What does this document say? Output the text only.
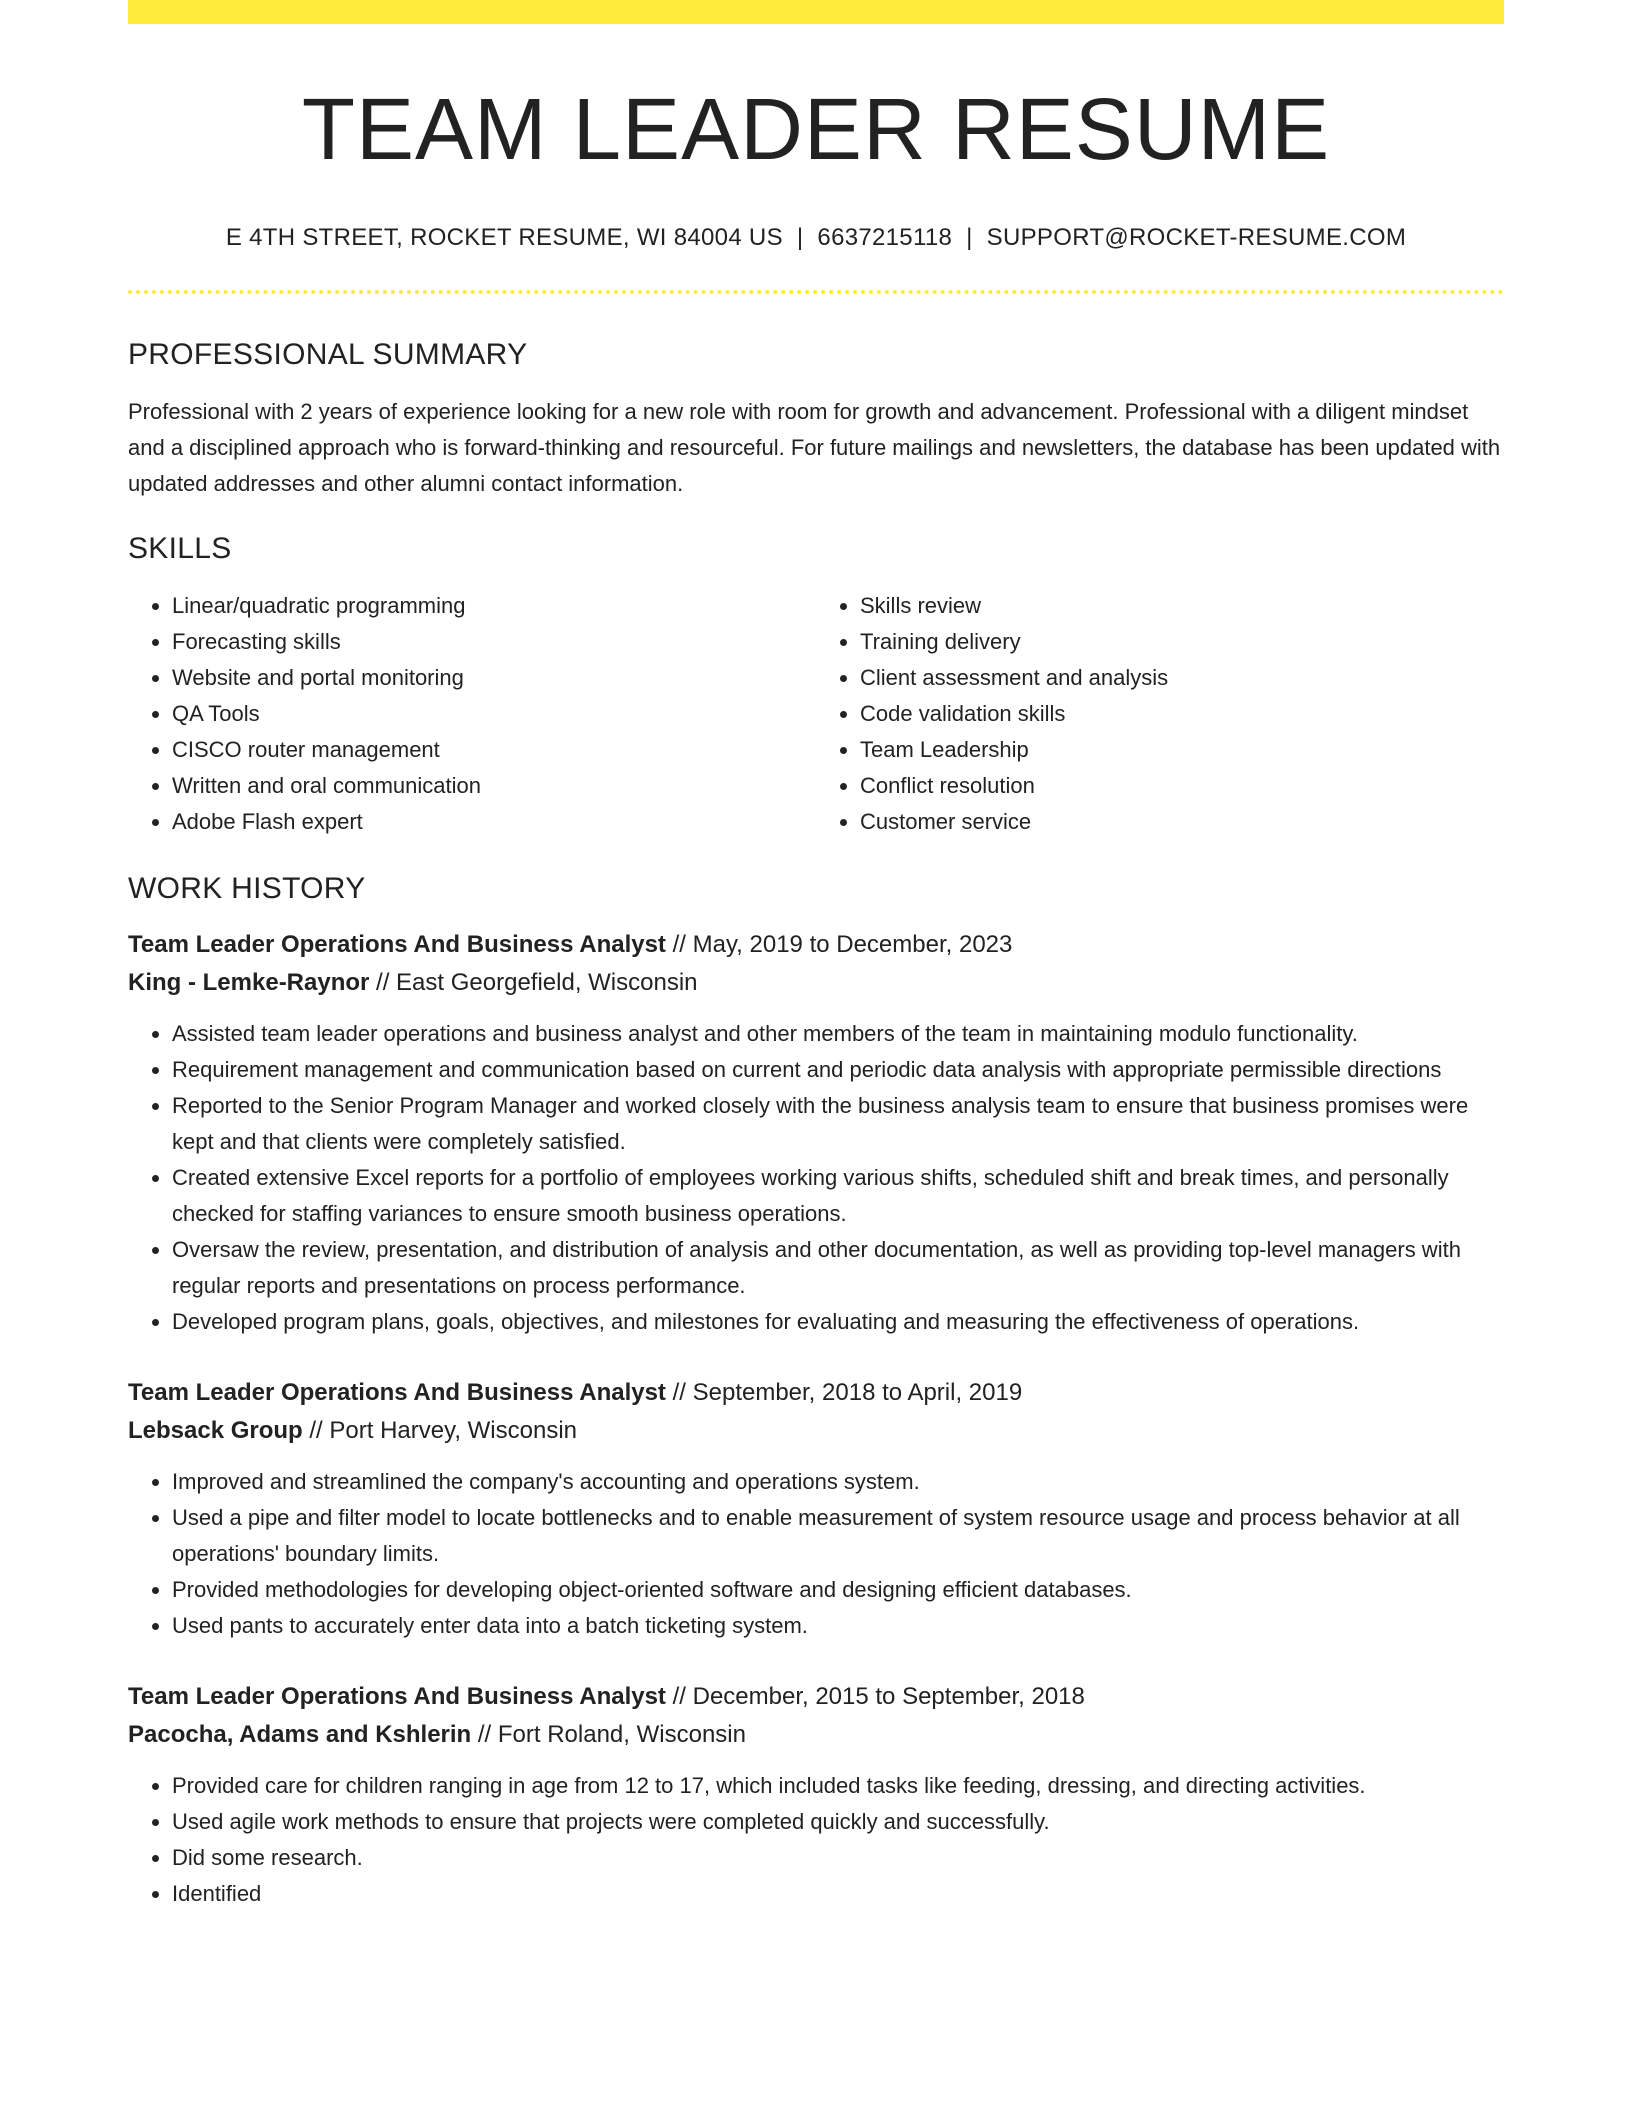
TEAM LEADER RESUME
E 4TH STREET, ROCKET RESUME, WI 84004 US | 6637215118 | SUPPORT@ROCKET-RESUME.COM
PROFESSIONAL SUMMARY

Professional with 2 years of experience looking for a new role with room for growth and advancement. Professional with a diligent mindset and a disciplined approach who is forward-thinking and resourceful. For future mailings and newsletters, the database has been updated with updated addresses and other alumni contact information.

SKILLS
• Linear/quadratic programming
• Forecasting skills
• Website and portal monitoring
• QA Tools
• CISCO router management
• Written and oral communication
• Adobe Flash expert
• Skills review
• Training delivery
• Client assessment and analysis
• Code validation skills
• Team Leadership
• Conflict resolution
• Customer service
WORK HISTORY
Team Leader Operations And Business Analyst // May, 2019 to December, 2023
King - Lemke-Raynor // East Georgefield, Wisconsin
• Assisted team leader operations and business analyst and other members of the team in maintaining modulo functionality.
• Requirement management and communication based on current and periodic data analysis with appropriate permissible directions
• Reported to the Senior Program Manager and worked closely with the business analysis team to ensure that business promises were kept and that clients were completely satisfied.
• Created extensive Excel reports for a portfolio of employees working various shifts, scheduled shift and break times, and personally checked for staffing variances to ensure smooth business operations.
• Oversaw the review, presentation, and distribution of analysis and other documentation, as well as providing top-level managers with regular reports and presentations on process performance.
• Developed program plans, goals, objectives, and milestones for evaluating and measuring the effectiveness of operations.
Team Leader Operations And Business Analyst // September, 2018 to April, 2019
Lebsack Group // Port Harvey, Wisconsin
• Improved and streamlined the company's accounting and operations system.
• Used a pipe and filter model to locate bottlenecks and to enable measurement of system resource usage and process behavior at all operations' boundary limits.
• Provided methodologies for developing object-oriented software and designing efficient databases.
• Used pants to accurately enter data into a batch ticketing system.
Team Leader Operations And Business Analyst // December, 2015 to September, 2018
Pacocha, Adams and Kshlerin // Fort Roland, Wisconsin
• Provided care for children ranging in age from 12 to 17, which included tasks like feeding, dressing, and directing activities.
• Used agile work methods to ensure that projects were completed quickly and successfully.
• Did some research.
• Identified
